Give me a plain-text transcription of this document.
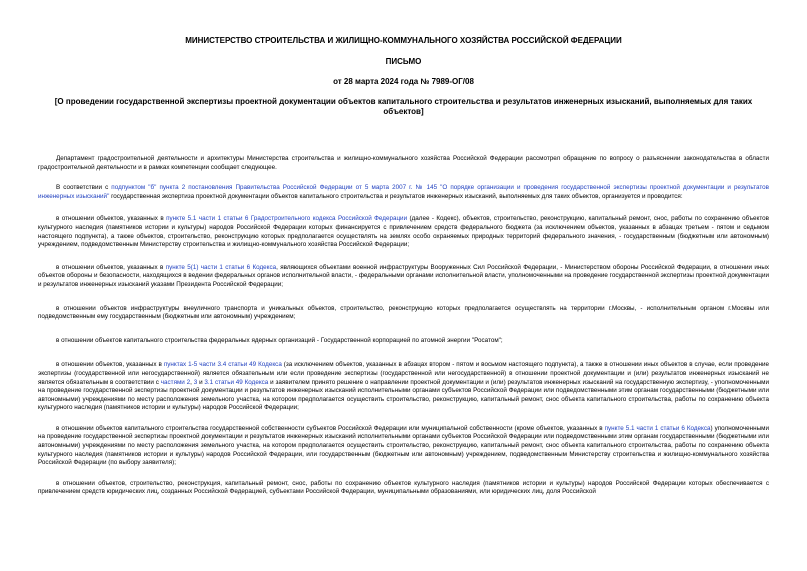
МИНИСТЕРСТВО СТРОИТЕЛЬСТВА И ЖИЛИЩНО-КОММУНАЛЬНОГО ХОЗЯЙСТВА РОССИЙСКОЙ ФЕДЕРАЦИИ
ПИСЬМО
от 28 марта 2024 года № 7989-ОГ/08
[О проведении государственной экспертизы проектной документации объектов капитального строительства и результатов инженерных изысканий, выполняемых для таких объектов]

Департамент градостроительной деятельности и архитектуры Министерства строительства и жилищно-коммунального хозяйства Российской Федерации рассмотрел обращение по вопросу о разъяснении законодательства в области градостроительной деятельности и в рамках компетенции сообщает следующее.

В соответствии с подпунктом "б" пункта 2 постановления Правительства Российской Федерации от 5 марта 2007 г. № 145 "О порядке организации и проведения государственной экспертизы проектной документации и результатов инженерных изысканий" государственная экспертиза проектной документации объектов капитального строительства и результатов инженерных изысканий, выполняемых для таких объектов, организуется и проводится:

в отношении объектов, указанных в пункте 5.1 части 1 статьи 6 Градостроительного кодекса Российской Федерации (далее - Кодекс), объектов, строительство, реконструкцию, капитальный ремонт, снос, работы по сохранению объектов культурного наследия (памятников истории и культуры) народов Российской Федерации которых финансируется с привлечением средств федерального бюджета (за исключением объектов, указанных в абзацах третьем - пятом и седьмом настоящего подпункта), а также объектов, строительство, реконструкцию которых предполагается осуществлять на землях особо охраняемых природных территорий федерального значения, - государственным (бюджетным или автономным) учреждением, подведомственным Министерству строительства и жилищно-коммунального хозяйства Российской Федерации;

в отношении объектов, указанных в пункте 5(1) части 1 статьи 6 Кодекса, являющихся объектами военной инфраструктуры Вооруженных Сил Российской Федерации, - Министерством обороны Российской Федерации, в отношении иных объектов обороны и безопасности, находящихся в ведении федеральных органов исполнительной власти, - федеральными органами исполнительной власти, уполномоченными на проведение государственной экспертизы проектной документации и результатов инженерных изысканий указами Президента Российской Федерации;

в отношении объектов инфраструктуры внеуличного транспорта и уникальных объектов, строительство, реконструкцию которых предполагается осуществлять на территории г.Москвы, - исполнительным органом г.Москвы или подведомственным ему государственным (бюджетным или автономным) учреждением;

в отношении объектов капитального строительства федеральных ядерных организаций - Государственной корпорацией по атомной энергии "Росатом";

в отношении объектов, указанных в пунктах 1-5 части 3.4 статьи 49 Кодекса (за исключением объектов, указанных в абзацах втором - пятом и восьмом настоящего подпункта), а также в отношении иных объектов в случае, если проведение экспертизы (государственной или негосударственной) является обязательным или если проведение экспертизы (государственной или негосударственной) в отношении проектной документации и (или) результатов инженерных изысканий не является обязательным в соответствии с частями 2, 3 и 3.1 статьи 49 Кодекса и заявителем принято решение о направлении проектной документации и (или) результатов инженерных изысканий на государственную экспертизу, - уполномоченными на проведение государственной экспертизы проектной документации и результатов инженерных изысканий исполнительными органами субъектов Российской Федерации или подведомственными этим органам государственными (бюджетными или автономными) учреждениями по месту расположения земельного участка, на котором предполагается осуществить строительство, реконструкцию, капитальный ремонт, снос объекта капитального строительства, работы по сохранению объекта культурного наследия (памятников истории и культуры) народов Российской Федерации;

в отношении объектов капитального строительства государственной собственности субъектов Российской Федерации или муниципальной собственности (кроме объектов, указанных в пункте 5.1 части 1 статьи 6 Кодекса) уполномоченными на проведение государственной экспертизы проектной документации и результатов инженерных изысканий исполнительными органами субъектов Российской Федерации или подведомственными этим органам государственными (бюджетными или автономными) учреждениями по месту расположения земельного участка, на котором предполагается осуществить строительство, реконструкцию, капитальный ремонт, снос объекта капитального строительства, работы по сохранению объекта культурного наследия (памятников истории и культуры) народов Российской Федерации, или государственным (бюджетным или автономным) учреждением, подведомственным Министерству строительства и жилищно-коммунального хозяйства Российской Федерации (по выбору заявителя);

в отношении объектов, строительство, реконструкция, капитальный ремонт, снос, работы по сохранению объектов культурного наследия (памятников истории и культуры) народов Российской Федерации которых обеспечивается с привлечением средств юридических лиц, созданных Российской Федерацией, субъектами Российской Федерации, муниципальными образованиями, или юридических лиц, доля Российской
